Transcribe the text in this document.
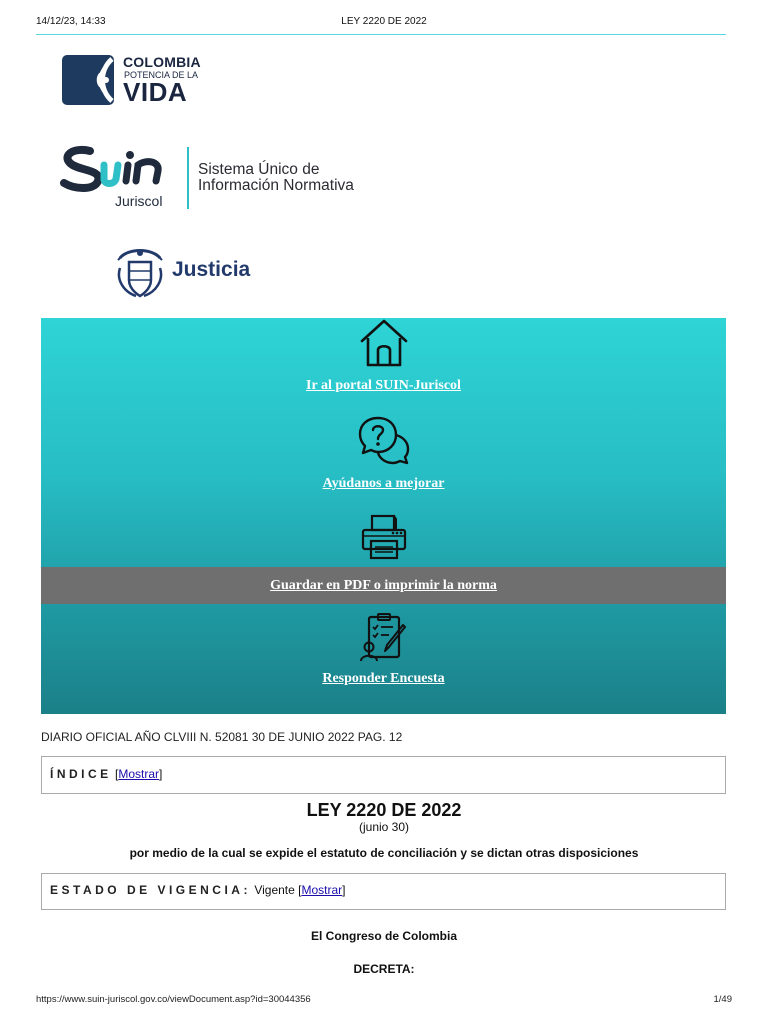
14/12/23, 14:33	LEY 2220 DE 2022
COLOMBIA
POTENCIA DE LA
VIDA
Juriscol
Sistema Único de
Información Normativa
Justicia
Ir al portal SUIN-Juriscol
Ayúdanos a mejorar
Guardar en PDF o imprimir la norma
Responder Encuesta
DIARIO OFICIAL AÑO CLVIII N. 52081 30 DE JUNIO 2022 PAG. 12
ÍNDICE [Mostrar]
LEY 2220 DE 2022
(junio 30)
por medio de la cual se expide el estatuto de conciliación y se dictan otras disposiciones
ESTADO DE VIGENCIA: Vigente [Mostrar]
El Congreso de Colombia
DECRETA:
https://www.suin-juriscol.gov.co/viewDocument.asp?id=30044356	1/49
